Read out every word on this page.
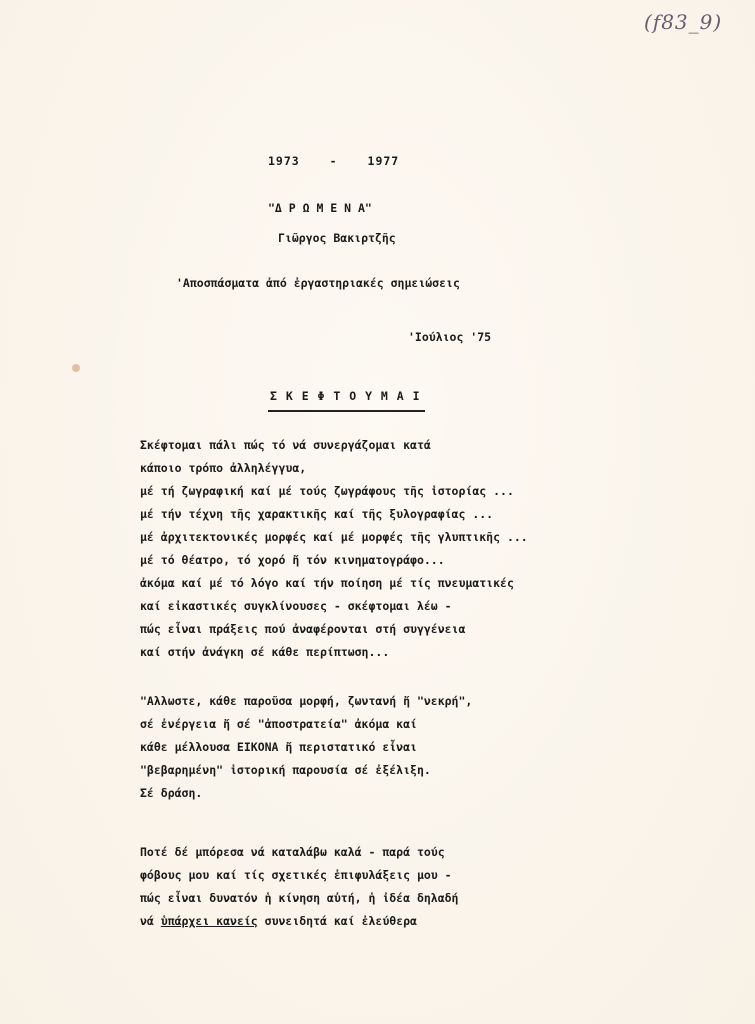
(f83_9)
1973	-	1977
"Δ Ρ Ω Μ Ε Ν Α"
Γιῶργος Βακιρτζῆς
'Αποσπάσματα ἀπό ἐργαστηριακές σημειώσεις
'Ιούλιος '75
Σ Κ Ε Φ Τ Ο Υ Μ Α Ι
Σκέφτομαι πάλι πώς τό νά συνεργάζομαι κατά
κάποιο τρόπο ἀλληλέγγυα,
μέ τή ζωγραφική καί μέ τούς ζωγράφους τῆς ἱστορίας ...
μέ τήν τέχνη τῆς χαρακτικῆς καί τῆς ξυλογραφίας ...
μέ ἀρχιτεκτονικές μορφές καί μέ μορφές τῆς γλυπτικῆς ...
μέ τό θέατρο, τό χορό ἤ τόν κινηματογράφο...
ἀκόμα καί μέ τό λόγο καί τήν ποίηση μέ τίς πνευματικές
καί εἰκαστικές συγκλίνουσες - σκέφτομαι λέω -
πώς εἶναι πράξεις πού ἀναφέρονται στή συγγένεια
καί στήν ἀνάγκη σέ κάθε περίπτωση...
"Αλλωστε, κάθε παροῦσα μορφή, ζωντανή ἤ "νεκρή",
σέ ἐνέργεια ἤ σέ "ἀποστρατεία" ἀκόμα καί
κάθε μέλλουσα ΕΙΚΟΝΑ ἤ περιστατικό εἶναι
"βεβαρημένη" ἱστορική παρουσία σέ ἐξέλιξη.
Σέ δράση.
Ποτέ δέ μπόρεσα νά καταλάβω καλά - παρά τούς
φόβους μου καί τίς σχετικές ἐπιφυλάξεις μου -
πώς εἶναι δυνατόν ἡ κίνηση αὐτή, ἡ ἰδέα δηλαδή
νά ὑπάρχει κανείς συνειδητά καί ἐλεύθερα
